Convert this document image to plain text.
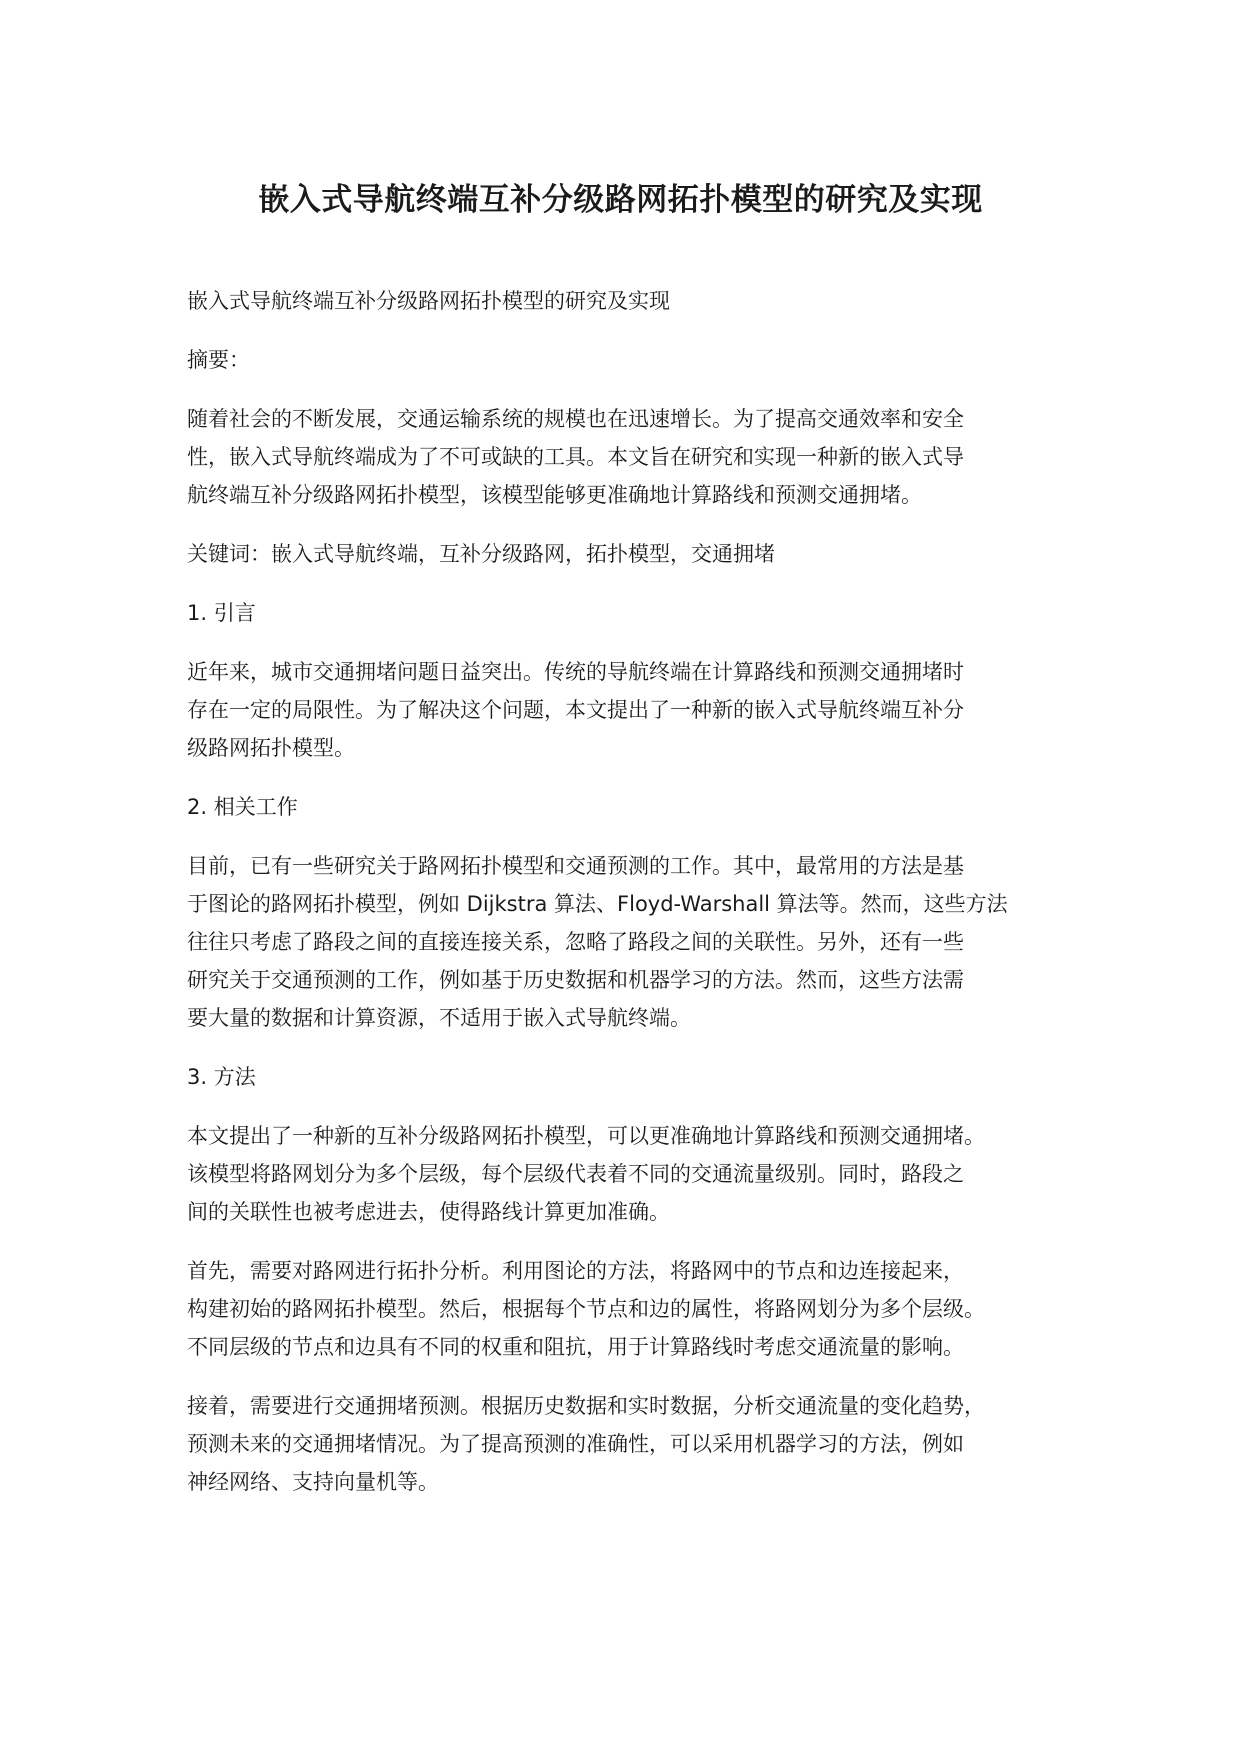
嵌入式导航终端互补分级路网拓扑模型的研究及实现

嵌入式导航终端互补分级路网拓扑模型的研究及实现

摘要：

随着社会的不断发展，交通运输系统的规模也在迅速增长。为了提高交通效率和安全
性，嵌入式导航终端成为了不可或缺的工具。本文旨在研究和实现一种新的嵌入式导
航终端互补分级路网拓扑模型，该模型能够更准确地计算路线和预测交通拥堵。

关键词：嵌入式导航终端，互补分级路网，拓扑模型，交通拥堵

1. 引言

近年来，城市交通拥堵问题日益突出。传统的导航终端在计算路线和预测交通拥堵时
存在一定的局限性。为了解决这个问题，本文提出了一种新的嵌入式导航终端互补分
级路网拓扑模型。

2. 相关工作

目前，已有一些研究关于路网拓扑模型和交通预测的工作。其中，最常用的方法是基
于图论的路网拓扑模型，例如 Dijkstra 算法、Floyd-Warshall 算法等。然而，这些方法
往往只考虑了路段之间的直接连接关系，忽略了路段之间的关联性。另外，还有一些
研究关于交通预测的工作，例如基于历史数据和机器学习的方法。然而，这些方法需
要大量的数据和计算资源，不适用于嵌入式导航终端。

3. 方法

本文提出了一种新的互补分级路网拓扑模型，可以更准确地计算路线和预测交通拥堵。
该模型将路网划分为多个层级，每个层级代表着不同的交通流量级别。同时，路段之
间的关联性也被考虑进去，使得路线计算更加准确。

首先，需要对路网进行拓扑分析。利用图论的方法，将路网中的节点和边连接起来，
构建初始的路网拓扑模型。然后，根据每个节点和边的属性，将路网划分为多个层级。
不同层级的节点和边具有不同的权重和阻抗，用于计算路线时考虑交通流量的影响。

接着，需要进行交通拥堵预测。根据历史数据和实时数据，分析交通流量的变化趋势，
预测未来的交通拥堵情况。为了提高预测的准确性，可以采用机器学习的方法，例如
神经网络、支持向量机等。
